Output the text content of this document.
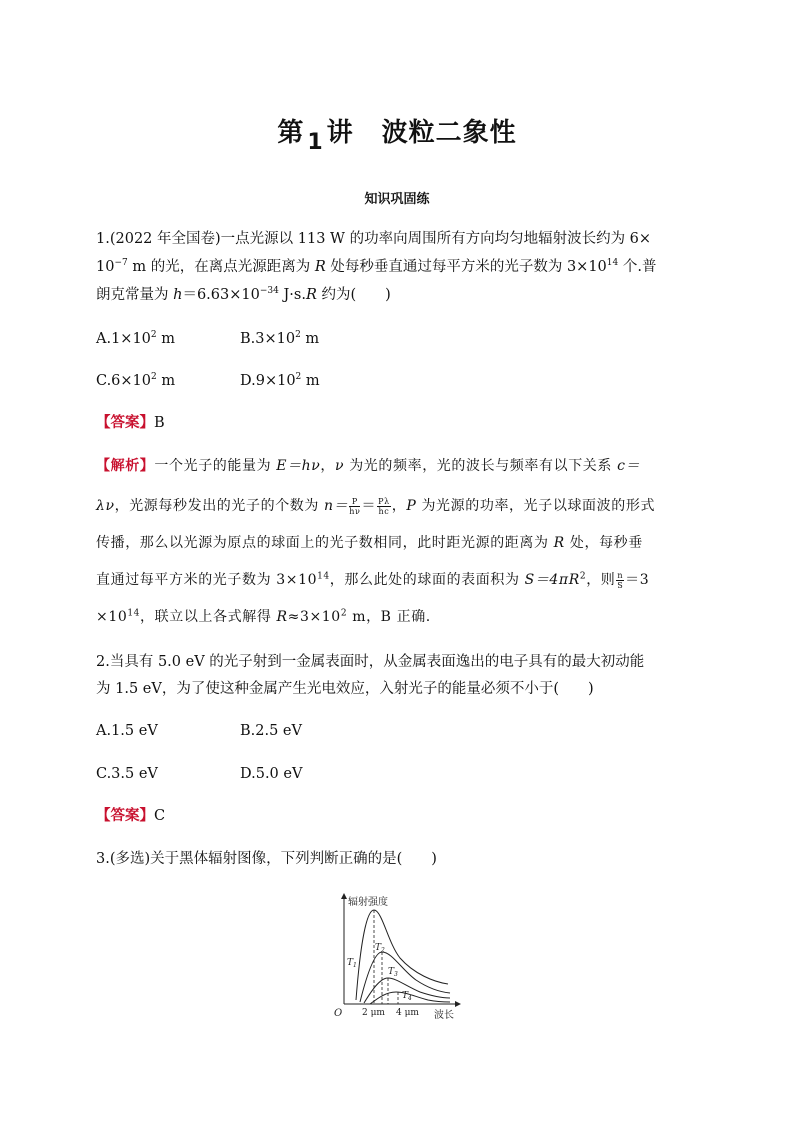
第 $_1$ 讲 波粒二象性
知识巩固练
1.(2022 年全国卷)一点光源以 113 W 的功率向周围所有方向均匀地辐射波长约为 6×
$10^{-7}$ m 的光，在离点光源距离为 R 处每秒垂直通过每平方米的光子数为 $3\times 10^{14}$ 个.普
朗克常量为 $h=6.63\times 10^{-34}$ J·s.R 约为(　　)
$A.1\times 10^2$ m	$B.3\times 10^2$ m
$C.6\times 10^2$ m	$D.9\times 10^2$ m
【答案】B
【解析】一个光子的能量为 E＝hν，ν 为光的频率，光的波长与频率有以下关系 c＝
λν，光源每秒发出的光子的个数为 $n= \frac{P}{h\nu} = \frac{P\lambda}{hc}$ ，P 为光源的功率，光子以球面波的形式
传播，那么以光源为原点的球面上的光子数相同，此时距光源的距离为 R 处，每秒垂
直通过每平方米的光子数为 $3\times 10^{14}$，那么此处的球面的表面积为 $S=4\pi R^2$，则 $\frac{n}{S} =3$
$\times 10^{14}$，联立以上各式解得 $R\approx 3\times 10^2$ m，B 正确.
2.当具有 5.0 eV 的光子射到一金属表面时，从金属表面逸出的电子具有的最大初动能
为 1.5 eV，为了使这种金属产生光电效应，入射光子的能量必须不小于(　　)
A.1.5 eV	B.2.5 eV
C.3.5 eV	D.5.0 eV
【答案】C
3.(多选)关于黑体辐射图像，下列判断正确的是(　　)
辐射强度
波长
O 2 μm 4 μm
$T_1$
$T_2$
$T_3$
$T_4$
